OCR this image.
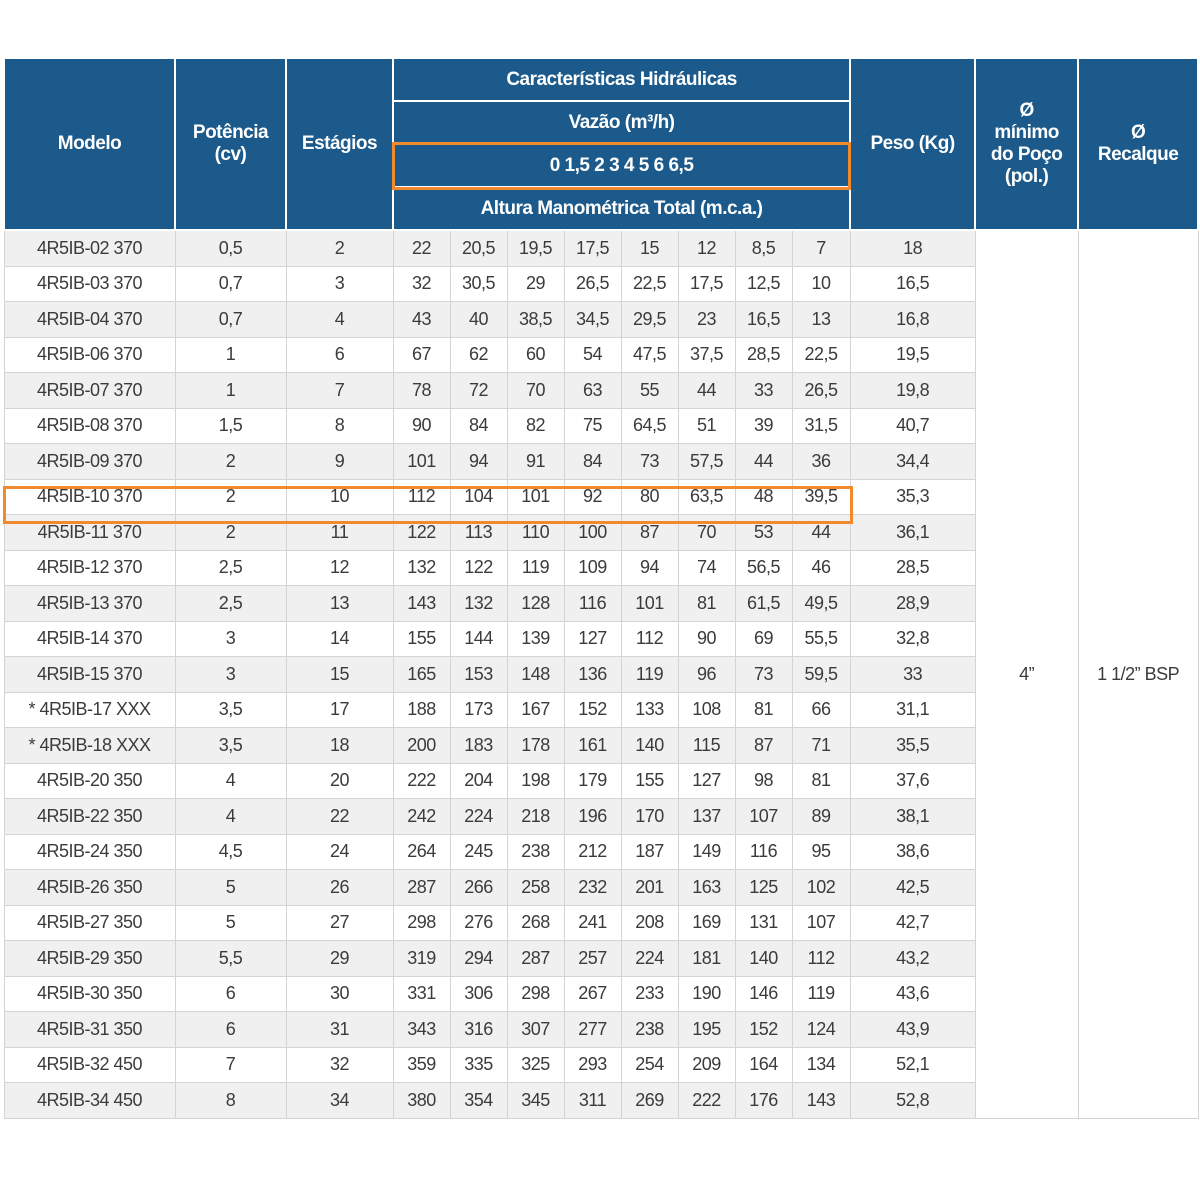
Modelo	Potência
(cv)	Estágios	Características Hidráulicas								Peso (Kg)	Ø
mínimo
do Poço
(pol.)	Ø
Recalque
			Vazão (m³/h)										
			0 1,5 2 3 4 5 6 6,5										
			Altura Manométrica Total (m.c.a.)										
4R5IB-02 370	0,5	2	22	20,5	19,5	17,5	15	12	8,5	7	18	4”	1 1/2” BSP
4R5IB-03 370	0,7	3	32	30,5	29	26,5	22,5	17,5	12,5	10	16,5		
4R5IB-04 370	0,7	4	43	40	38,5	34,5	29,5	23	16,5	13	16,8		
4R5IB-06 370	1	6	67	62	60	54	47,5	37,5	28,5	22,5	19,5		
4R5IB-07 370	1	7	78	72	70	63	55	44	33	26,5	19,8		
4R5IB-08 370	1,5	8	90	84	82	75	64,5	51	39	31,5	40,7		
4R5IB-09 370	2	9	101	94	91	84	73	57,5	44	36	34,4		
4R5IB-10 370	2	10	112	104	101	92	80	63,5	48	39,5	35,3		
4R5IB-11 370	2	11	122	113	110	100	87	70	53	44	36,1		
4R5IB-12 370	2,5	12	132	122	119	109	94	74	56,5	46	28,5		
4R5IB-13 370	2,5	13	143	132	128	116	101	81	61,5	49,5	28,9		
4R5IB-14 370	3	14	155	144	139	127	112	90	69	55,5	32,8		
4R5IB-15 370	3	15	165	153	148	136	119	96	73	59,5	33		
* 4R5IB-17 XXX	3,5	17	188	173	167	152	133	108	81	66	31,1		
* 4R5IB-18 XXX	3,5	18	200	183	178	161	140	115	87	71	35,5		
4R5IB-20 350	4	20	222	204	198	179	155	127	98	81	37,6		
4R5IB-22 350	4	22	242	224	218	196	170	137	107	89	38,1		
4R5IB-24 350	4,5	24	264	245	238	212	187	149	116	95	38,6		
4R5IB-26 350	5	26	287	266	258	232	201	163	125	102	42,5		
4R5IB-27 350	5	27	298	276	268	241	208	169	131	107	42,7		
4R5IB-29 350	5,5	29	319	294	287	257	224	181	140	112	43,2		
4R5IB-30 350	6	30	331	306	298	267	233	190	146	119	43,6		
4R5IB-31 350	6	31	343	316	307	277	238	195	152	124	43,9		
4R5IB-32 450	7	32	359	335	325	293	254	209	164	134	52,1		
4R5IB-34 450	8	34	380	354	345	311	269	222	176	143	52,8		
